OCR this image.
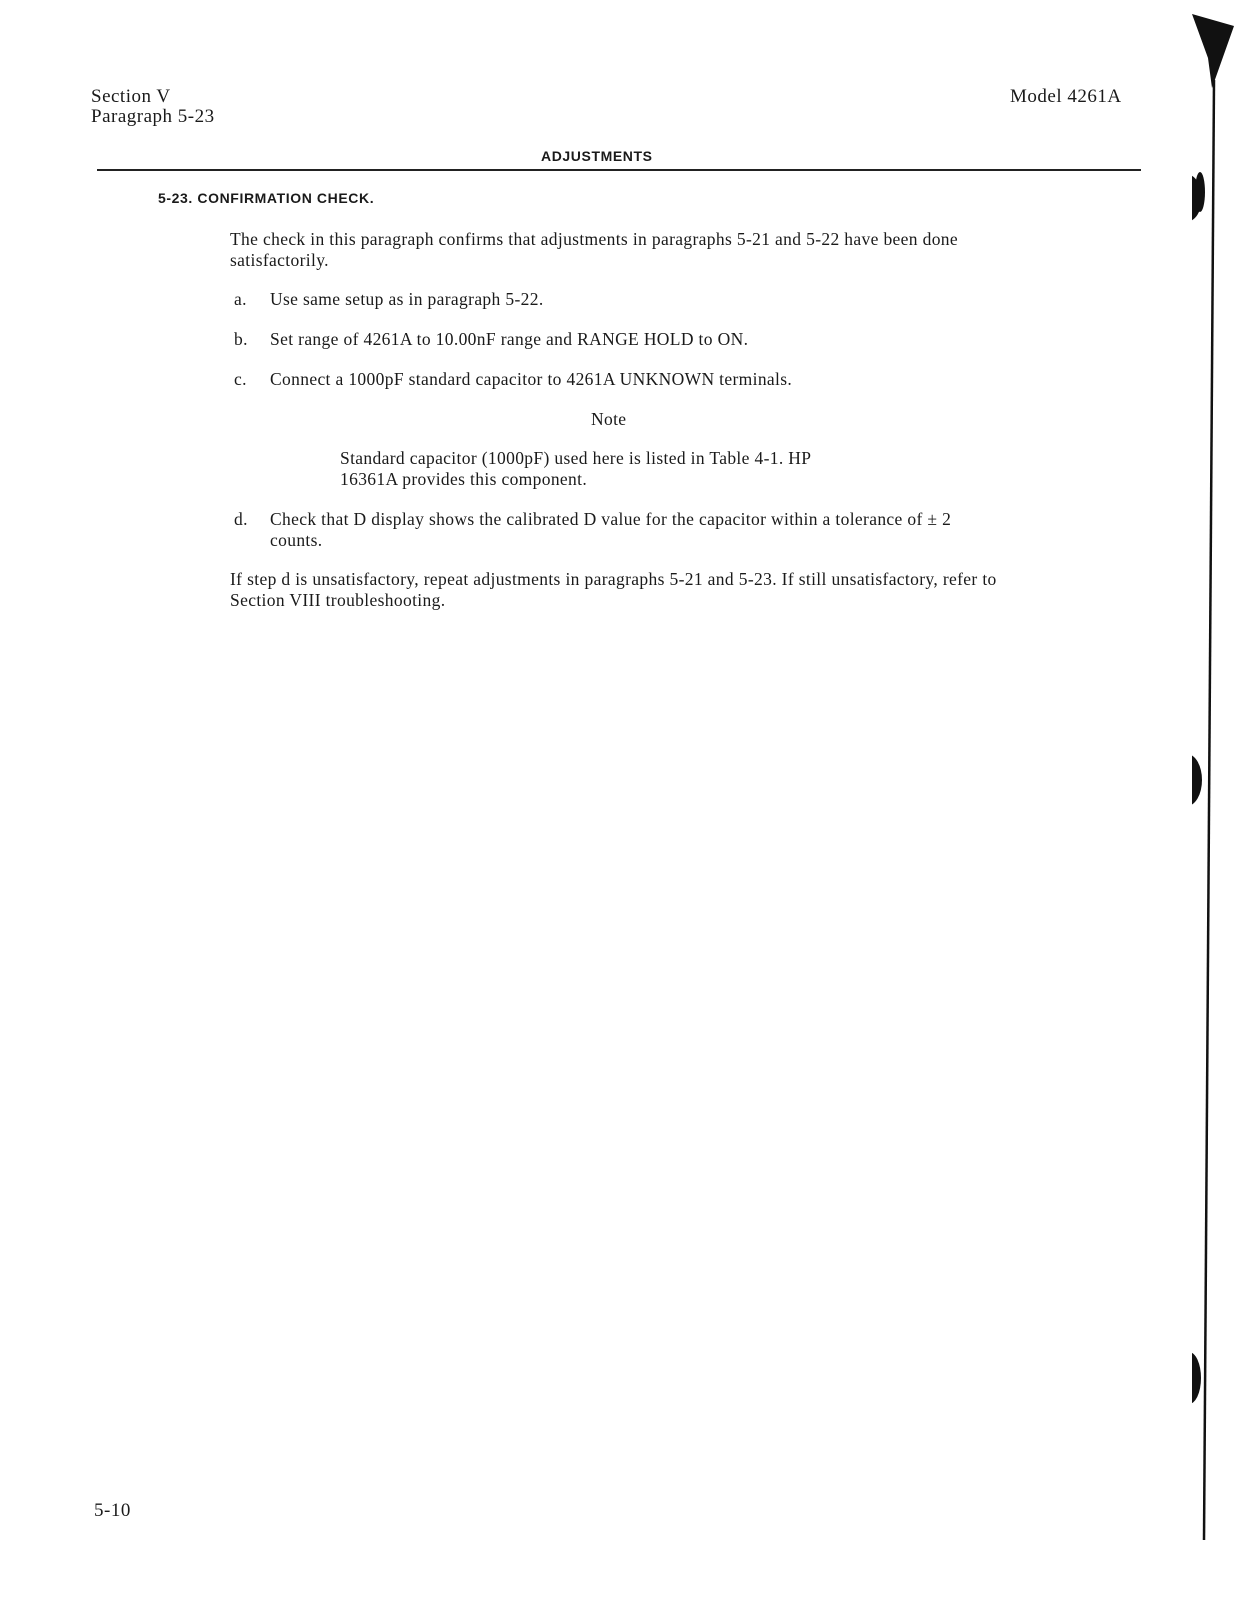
Section V
Paragraph 5-23
Model 4261A
ADJUSTMENTS
5-23. CONFIRMATION CHECK.
The check in this paragraph confirms that adjustments in paragraphs 5-21 and 5-22 have been done satisfactorily.
a.	Use same setup as in paragraph 5-22.
b.	Set range of 4261A to 10.00nF range and RANGE HOLD to ON.
c.	Connect a 1000pF standard capacitor to 4261A UNKNOWN terminals.
Note
Standard capacitor (1000pF) used here is listed in Table 4-1. HP 16361A provides this component.
d.	Check that D display shows the calibrated D value for the capacitor within a tolerance of ± 2 counts.
If step d is unsatisfactory, repeat adjustments in paragraphs 5-21 and 5-23. If still unsatisfactory, refer to Section VIII troubleshooting.
5-10
